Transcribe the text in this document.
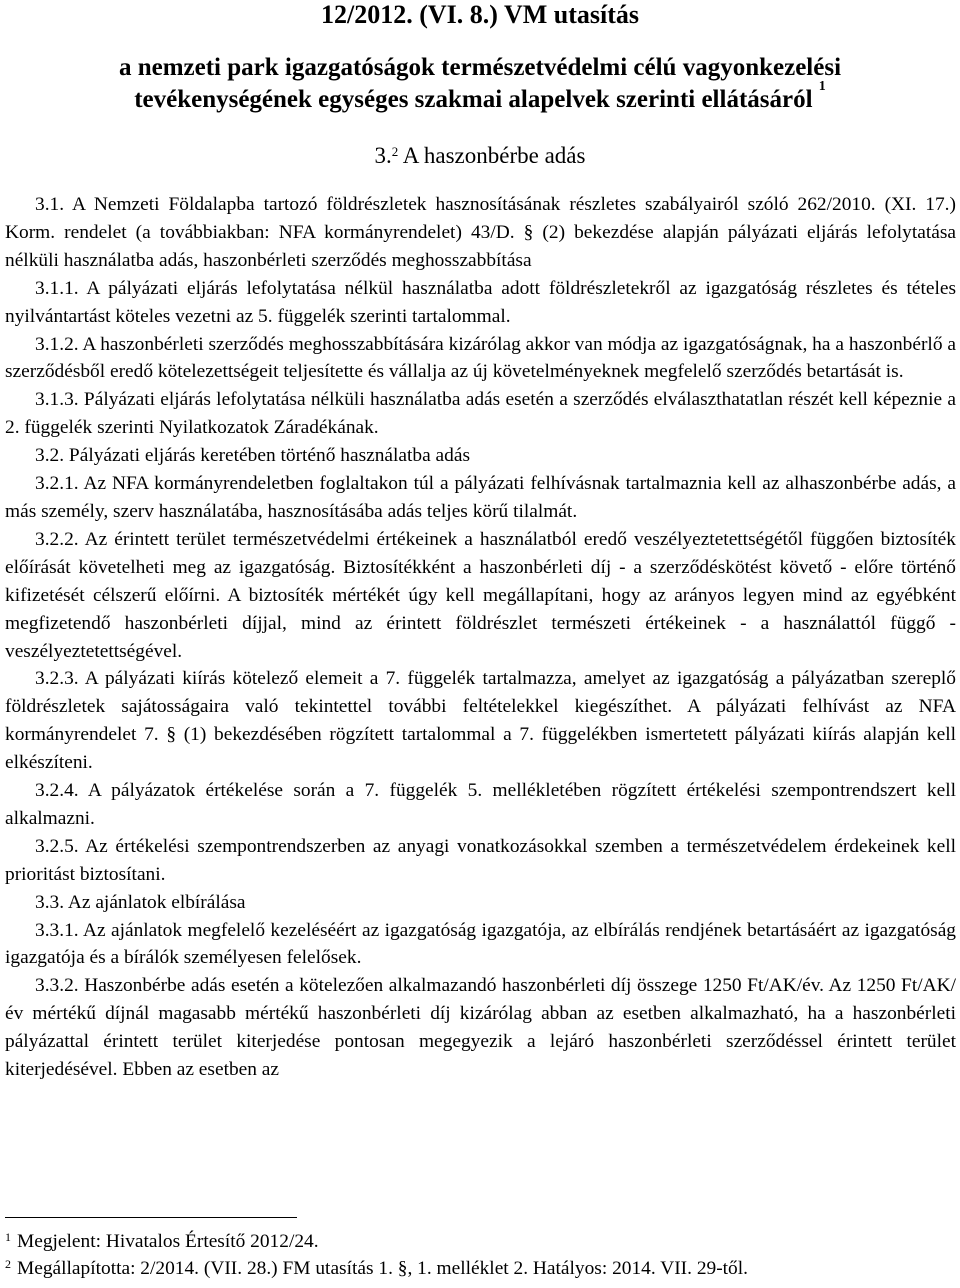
12/2012. (VI. 8.) VM utasítás
a nemzeti park igazgatóságok természetvédelmi célú vagyonkezelési
tevékenységének egységes szakmai alapelvek szerinti ellátásáról $^1$
3.$^2$ A haszonbérbe adás

3.1. A Nemzeti Földalapba tartozó földrészletek hasznosításának részletes szabályairól szóló 262/2010. (XI. 17.) Korm. rendelet (a továbbiakban: NFA kormányrendelet) 43/D. § (2) bekezdése alapján pályázati eljárás lefolytatása nélküli használatba adás, haszonbérleti szerződés meghosszabbítása

3.1.1. A pályázati eljárás lefolytatása nélkül használatba adott földrészletekről az igazgatóság részletes és tételes nyilvántartást köteles vezetni az 5. függelék szerinti tartalommal.

3.1.2. A haszonbérleti szerződés meghosszabbítására kizárólag akkor van módja az igazgatóságnak, ha a haszonbérlő a szerződésből eredő kötelezettségeit teljesítette és vállalja az új követelményeknek megfelelő szerződés betartását is.

3.1.3. Pályázati eljárás lefolytatása nélküli használatba adás esetén a szerződés elválaszthatatlan részét kell képeznie a 2. függelék szerinti Nyilatkozatok Záradékának.

3.2. Pályázati eljárás keretében történő használatba adás

3.2.1. Az NFA kormányrendeletben foglaltakon túl a pályázati felhívásnak tartalmaznia kell az alhaszonbérbe adás, a más személy, szerv használatába, hasznosításába adás teljes körű tilalmát.

3.2.2. Az érintett terület természetvédelmi értékeinek a használatból eredő veszélyeztetettségétől függően biztosíték előírását követelheti meg az igazgatóság. Biztosítékként a haszonbérleti díj - a szerződéskötést követő - előre történő kifizetését célszerű előírni. A biztosíték mértékét úgy kell megállapítani, hogy az arányos legyen mind az egyébként megfizetendő haszonbérleti díjjal, mind az érintett földrészlet természeti értékeinek - a használattól függő - veszélyeztetettségével.

3.2.3. A pályázati kiírás kötelező elemeit a 7. függelék tartalmazza, amelyet az igazgatóság a pályázatban szereplő földrészletek sajátosságaira való tekintettel további feltételekkel kiegészíthet. A pályázati felhívást az NFA kormányrendelet 7. § (1) bekezdésében rögzített tartalommal a 7. függelékben ismertetett pályázati kiírás alapján kell elkészíteni.

3.2.4. A pályázatok értékelése során a 7. függelék 5. mellékletében rögzített értékelési szempontrendszert kell alkalmazni.

3.2.5. Az értékelési szempontrendszerben az anyagi vonatkozásokkal szemben a természetvédelem érdekeinek kell prioritást biztosítani.

3.3. Az ajánlatok elbírálása

3.3.1. Az ajánlatok megfelelő kezeléséért az igazgatóság igazgatója, az elbírálás rendjének betartásáért az igazgatóság igazgatója és a bírálók személyesen felelősek.

3.3.2. Haszonbérbe adás esetén a kötelezően alkalmazandó haszonbérleti díj összege 1250 Ft/AK/év. Az 1250 Ft/AK/év mértékű díjnál magasabb mértékű haszonbérleti díj kizárólag abban az esetben alkalmazható, ha a haszonbérleti pályázattal érintett terület kiterjedése pontosan megegyezik a lejáró haszonbérleti szerződéssel érintett terület kiterjedésével. Ebben az esetben az

$^1$ Megjelent: Hivatalos Értesítő 2012/24.
$^2$ Megállapította: 2/2014. (VII. 28.) FM utasítás 1. §, 1. melléklet 2. Hatályos: 2014. VII. 29-től.
